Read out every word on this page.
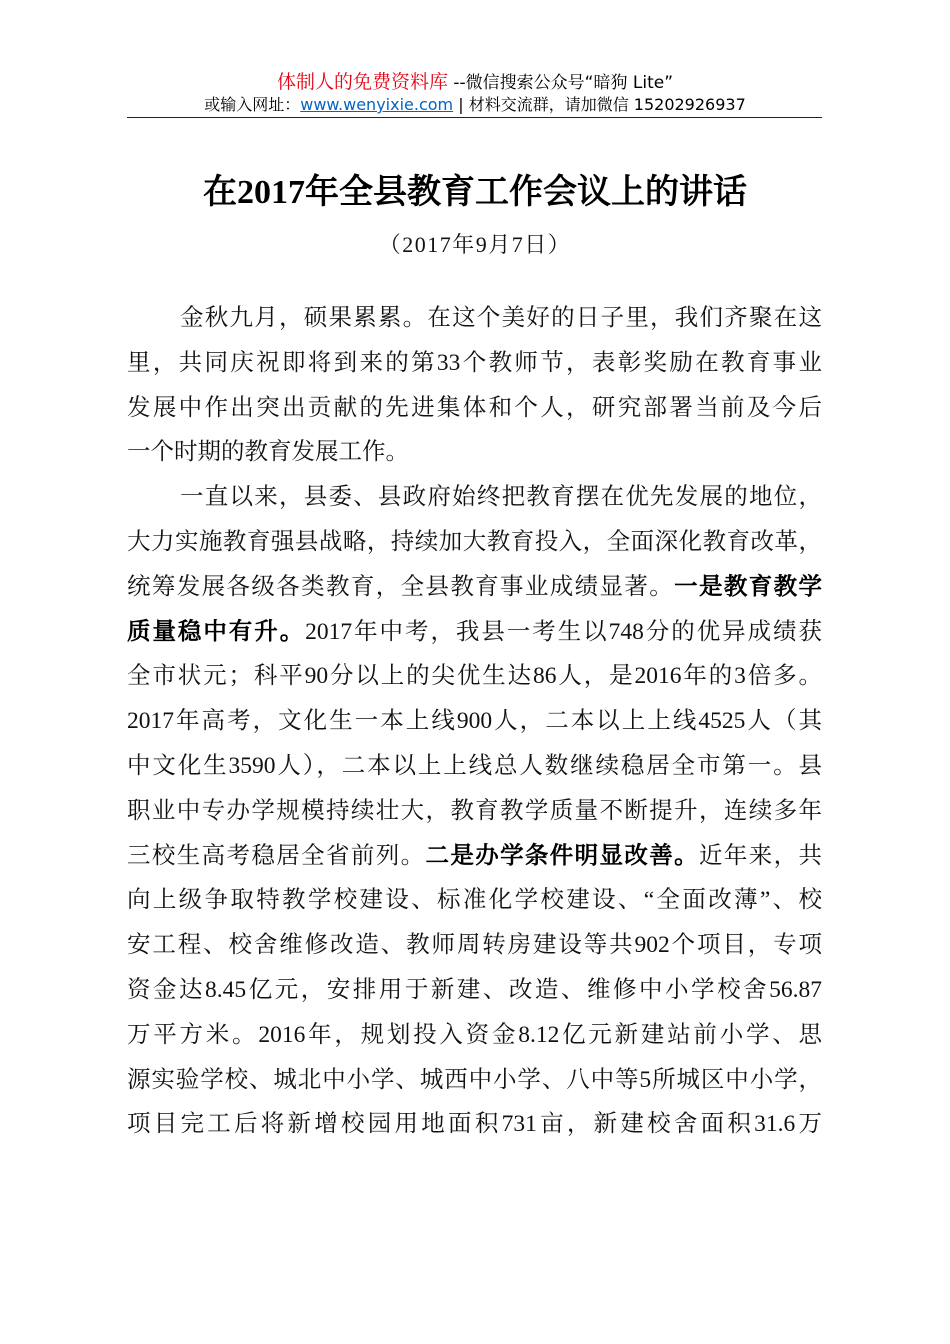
体制人的免费资料库 --微信搜索公众号“暗狗 Lite”
或输入网址：www.wenyixie.com | 材料交流群，请加微信 15202926937
在2017年全县教育工作会议上的讲话
（2017年9月7日）
金秋九月，硕果累累。在这个美好的日子里，我们齐聚在这
里，共同庆祝即将到来的第33个教师节，表彰奖励在教育事业
发展中作出突出贡献的先进集体和个人，研究部署当前及今后
一个时期的教育发展工作。
一直以来，县委、县政府始终把教育摆在优先发展的地位，
大力实施教育强县战略，持续加大教育投入，全面深化教育改革，
统筹发展各级各类教育，全县教育事业成绩显著。一是教育教学
质量稳中有升。2017年中考，我县一考生以748分的优异成绩获
全市状元；科平90分以上的尖优生达86人，是2016年的3倍多。
2017年高考，文化生一本上线900人，二本以上上线4525人（其
中文化生3590人），二本以上上线总人数继续稳居全市第一。县
职业中专办学规模持续壮大，教育教学质量不断提升，连续多年
三校生高考稳居全省前列。二是办学条件明显改善。近年来，共
向上级争取特教学校建设、标准化学校建设、“全面改薄”、校
安工程、校舍维修改造、教师周转房建设等共902个项目，专项
资金达8.45亿元，安排用于新建、改造、维修中小学校舍56.87
万平方米。2016年，规划投入资金8.12亿元新建站前小学、思
源实验学校、城北中小学、城西中小学、八中等5所城区中小学，
项目完工后将新增校园用地面积731亩，新建校舍面积31.6万
